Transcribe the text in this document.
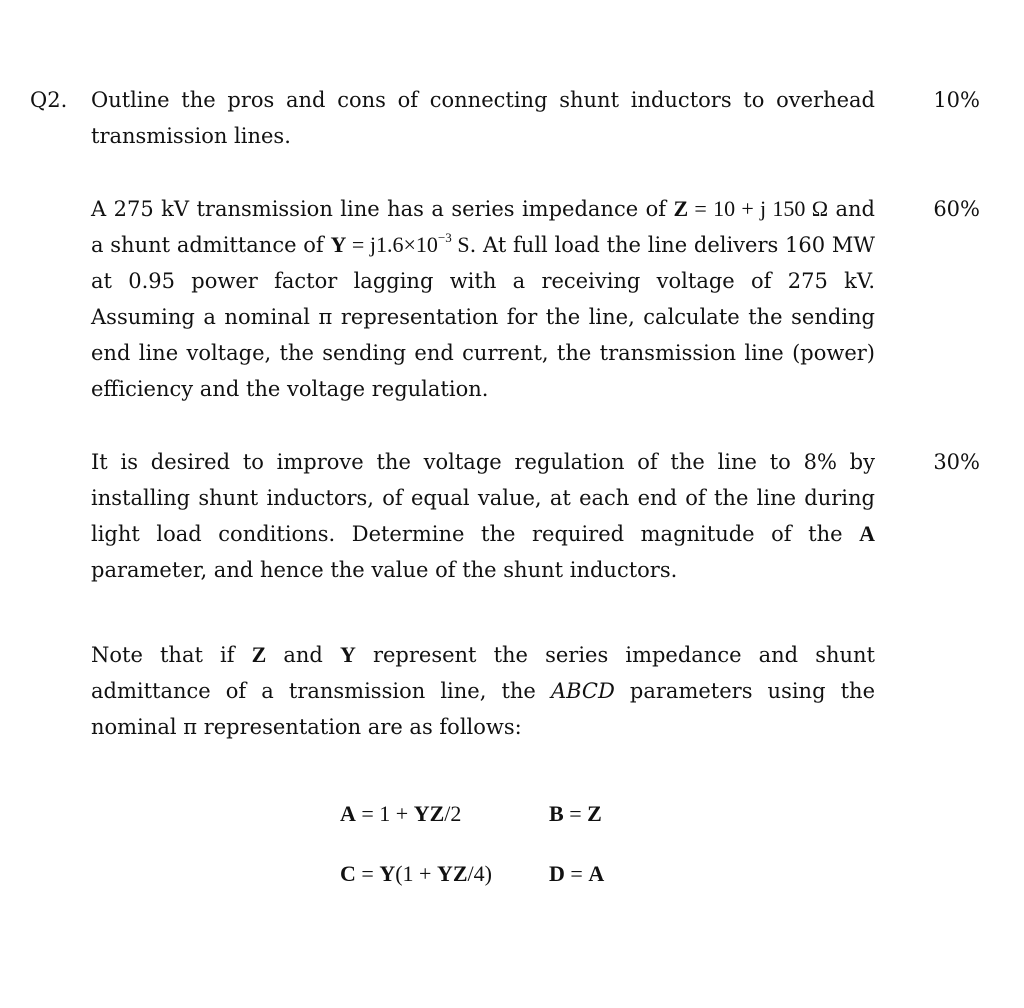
Q2. Outline the pros and cons of connecting shunt inductors to overhead transmission lines.
10%
A 275 kV transmission line has a series impedance of Z = 10 + j 150 Ω and a shunt admittance of $Y = j1.6\times 10^{-3}$ S. At full load the line delivers 160 MW at 0.95 power factor lagging with a receiving voltage of 275 kV. Assuming a nominal π representation for the line, calculate the sending end line voltage, the sending end current, the transmission line (power) efficiency and the voltage regulation.
60%
It is desired to improve the voltage regulation of the line to 8% by installing shunt inductors, of equal value, at each end of the line during light load conditions. Determine the required magnitude of the A parameter, and hence the value of the shunt inductors.
30%
Note that if Z and Y represent the series impedance and shunt admittance of a transmission line, the ABCD parameters using the nominal π representation are as follows:
A = 1 + YZ/2	B = Z
C = Y(1 + YZ/4)	D = A
